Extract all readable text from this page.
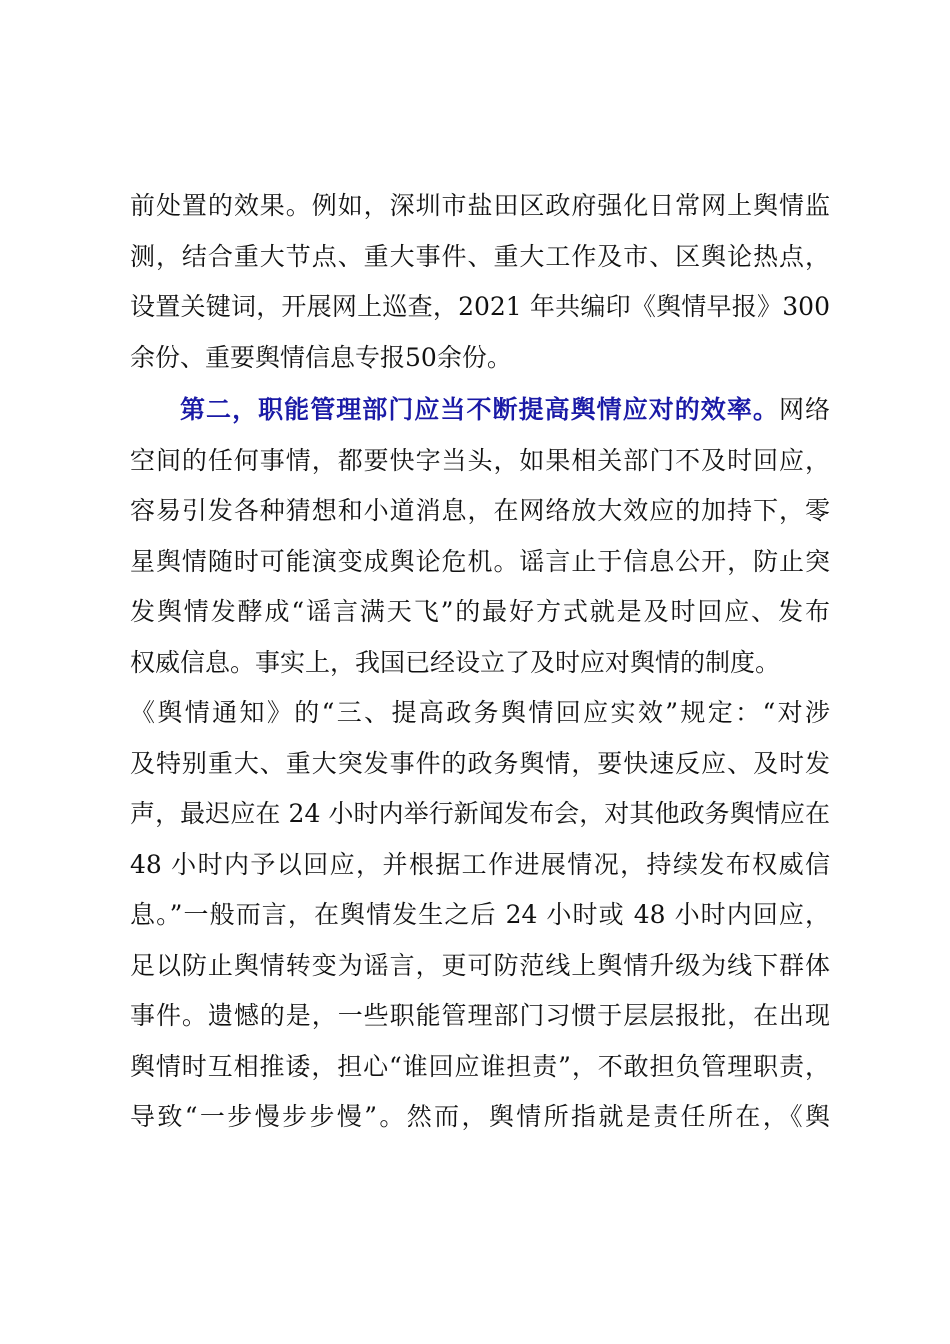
前处置的效果。例如，深圳市盐田区政府强化日常网上舆情监
测，结合重大节点、重大事件、重大工作及市、区舆论热点，
设置关键词，开展网上巡查，2021 年共编印《舆情早报》300
余份、重要舆情信息专报50余份。
第二，职能管理部门应当不断提高舆情应对的效率。网络
空间的任何事情，都要快字当头，如果相关部门不及时回应，
容易引发各种猜想和小道消息，在网络放大效应的加持下，零
星舆情随时可能演变成舆论危机。谣言止于信息公开，防止突
发舆情发酵成“谣言满天飞”的最好方式就是及时回应、发布
权威信息。事实上，我国已经设立了及时应对舆情的制度。
《舆情通知》的“三、提高政务舆情回应实效”规定：“对涉
及特别重大、重大突发事件的政务舆情，要快速反应、及时发
声，最迟应在 24 小时内举行新闻发布会，对其他政务舆情应在
48 小时内予以回应，并根据工作进展情况，持续发布权威信
息。”一般而言，在舆情发生之后 24 小时或 48 小时内回应，
足以防止舆情转变为谣言，更可防范线上舆情升级为线下群体
事件。遗憾的是，一些职能管理部门习惯于层层报批，在出现
舆情时互相推诿，担心“谁回应谁担责”，不敢担负管理职责，
导致“一步慢步步慢”。然而，舆情所指就是责任所在，《舆
